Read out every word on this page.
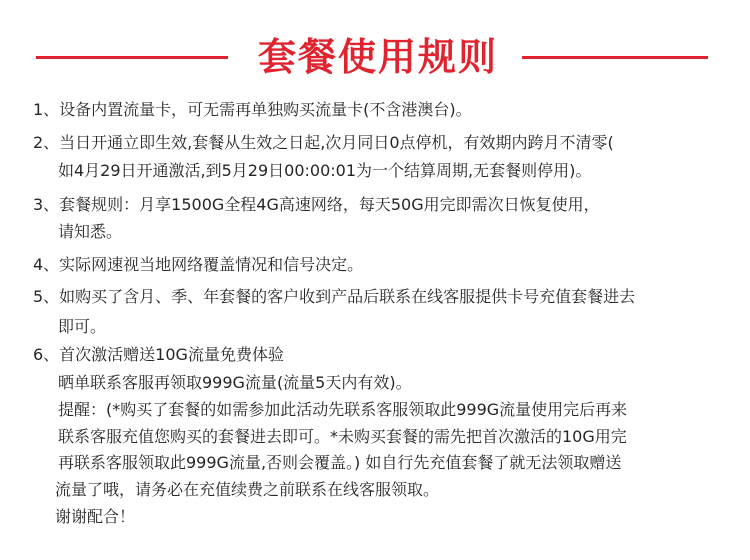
套餐使用规则
1、设备内置流量卡，可无需再单独购买流量卡(不含港澳台)。
2、当日开通立即生效,套餐从生效之日起,次月同日0点停机，有效期内跨月不清零(
如4月29日开通激活,到5月29日00:00:01为一个结算周期,无套餐则停用)。
3、套餐规则：月享1500G全程4G高速网络，每天50G用完即需次日恢复使用，
请知悉。
4、实际网速视当地网络覆盖情况和信号决定。
5、如购买了含月、季、年套餐的客户收到产品后联系在线客服提供卡号充值套餐进去
即可。
6、首次激活赠送10G流量免费体验
晒单联系客服再领取999G流量(流量5天内有效)。
提醒：(*购买了套餐的如需参加此活动先联系客服领取此999G流量使用完后再来
联系客服充值您购买的套餐进去即可。*未购买套餐的需先把首次激活的10G用完
再联系客服领取此999G流量,否则会覆盖。) 如自行先充值套餐了就无法领取赠送
流量了哦，请务必在充值续费之前联系在线客服领取。
谢谢配合！
